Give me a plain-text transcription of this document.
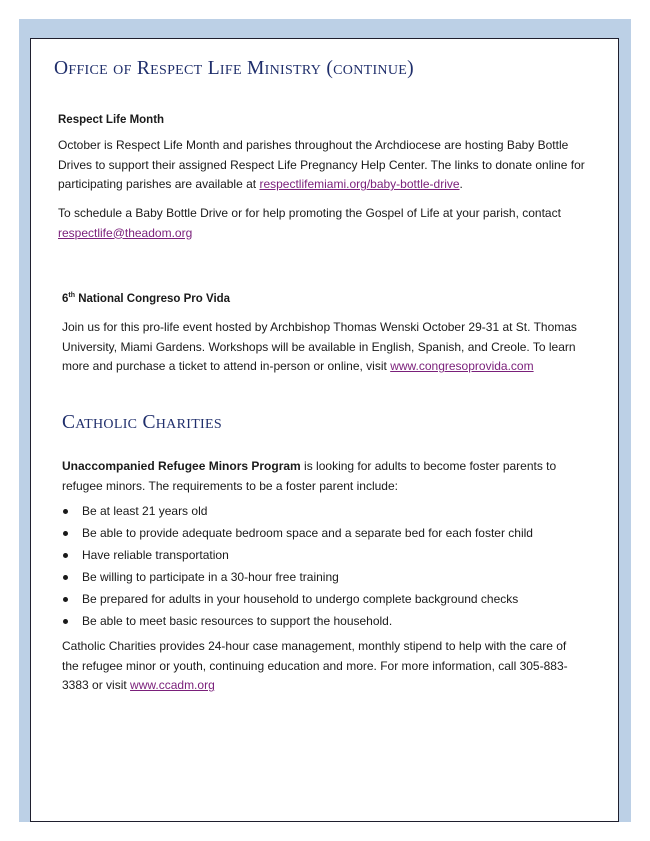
Office of Respect Life Ministry (continue)
Respect Life Month

October is Respect Life Month and parishes throughout the Archdiocese are hosting Baby Bottle Drives to support their assigned Respect Life Pregnancy Help Center. The links to donate online for participating parishes are available at respectlifemiami.org/baby-bottle-drive.

To schedule a Baby Bottle Drive or for help promoting the Gospel of Life at your parish, contact respectlife@theadom.org

6th National Congreso Pro Vida

Join us for this pro-life event hosted by Archbishop Thomas Wenski October 29-31 at St. Thomas University, Miami Gardens. Workshops will be available in English, Spanish, and Creole. To learn more and purchase a ticket to attend in-person or online, visit www.congresoprovida.com

Catholic Charities

Unaccompanied Refugee Minors Program is looking for adults to become foster parents to refugee minors. The requirements to be a foster parent include:

Be at least 21 years old
Be able to provide adequate bedroom space and a separate bed for each foster child
Have reliable transportation
Be willing to participate in a 30-hour free training
Be prepared for adults in your household to undergo complete background checks
Be able to meet basic resources to support the household.

Catholic Charities provides 24-hour case management, monthly stipend to help with the care of the refugee minor or youth, continuing education and more. For more information, call 305-883-3383 or visit www.ccadm.org
